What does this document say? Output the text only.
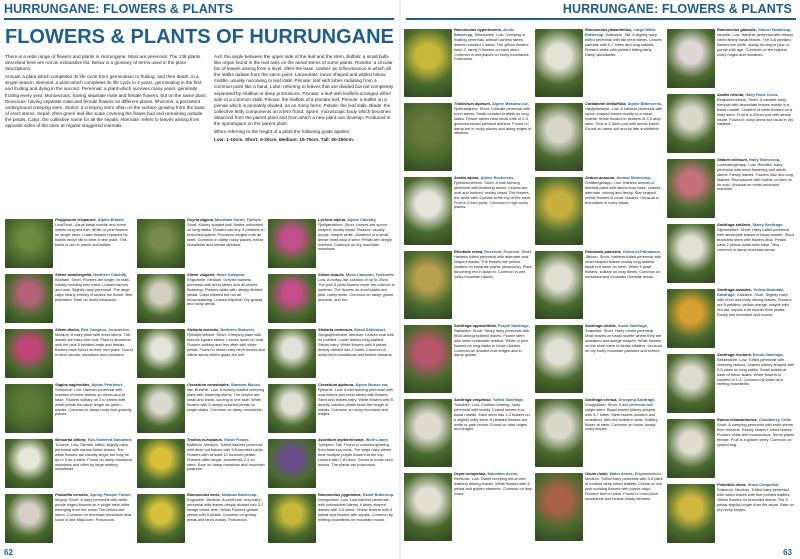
HURRUNGANE: FLOWERS & PLANTS	HURRUNGANE: FLOWERS & PLANTS
FLOWERS & PLANTS OF HURRUNGANE

There is a wide range of flowers and plants in Hurrungane. Most are perennial. The 138 plants described here are not an exhaustive list. Below is a glossary of terms used in the plant descriptions:

Annual: a plant which completes its life cycle from germination to fruiting, and then death, in a single season. Biennial: a plant which completes its life cycle in 2 years, germinating in the first and fruiting and dying in the second. Perennial: a plant which survives many years, generally fruiting every year. Monoecious: having separate male and female flowers, but on the same plant. Dioecious: having separate male and female flowers on different plants. Rhizome: a persistent underground creeping stem. Stolon: a creeping stem often on the surface growing from the base of erect stems. Sepal: often green leaf-like scale covering the flower bud and remaining outside the petals. Calyx: the collective name for all the sepals. Alternate: refers to leaves arising from opposite sides of the stem at regular staggered intervals.

Axil: the angle between the upper side of the leaf and the stem. Bulbils: a small bulb-like organ found in the leaf axils on the aerial stems of some plants. Rosette: a circular fan of leaves arising from a level, often the base. Umbel: an inflorescence in which all the stalks radiate from the same point. Lanceolate: lance shaped and widest below middle, usually narrowing to leaf stalk. Pinnate: leaf with lobes radiating from a common point like a hand. Lobe: referring to leaves that are divided but not completely separated by shallow or deep protrusions. Pinnate: a leaf with leaflets arranged either side of a common stalk. Pinnae: the leaflets of a pinnate leaf. Pinnule: a leaflet on a pinnae which is pinnately divided, as on many ferns. Petiole: the leaf stalk. Blade: the collective leafy components on a fern frond. Spore: microscopic body which becomes detached from the parent plant and from which a new plant can develop. Produced in the sporangium on the parent plant.

When referring to the height of a plant the following guide applies:

Low: 1-10cm. Short: 5-20cm. Medium: 15-75cm. Tall: 60-250cm.

Polygonum viviparum, Alpine Bistort. Low/Short. Usual basal rosette and some leaves long and thin. White or pink flowers on single stem. Lower flowers replaced by bulbils which fall to form a new plant. This bulbs is rich in starch and edible.
Silene wahlbergella, Northern Catchfly, Bindtark. Short. Flowers are single on stalk. Initially nodding then erect. Leaves narrow and oval. Slightly hairy perennial. The large calyx nearly entirely encloses the flower. Bee pollinated. Rare on moist meadows.
Silene dioica, Red Campion, Jonsokblom. Medium. A hairy plant with erect stems. The leaves are hairy and oval. Plant is dioecious with the pink 5 petalled male and female flowers each found on their own plant. Found in birch woods, meadows and moorland.
Sagina saginoides, Alpine Pearlwort, Seterarve. Low. Hairless perennial with rosettes of linear leaves up stems and at base. Flowers solitary on 2 to stems with white petals the same length as green sepals. Common in damp rocky and gravelly places.
Minuartia biflora, Two-flowered Sandwort, Tuvarve. Low. Slender tufted, slightly hairy perennial with narrow linear leaves. The white flowers are usually single but may be up to 3 on a stem. Found on damp moorland meadows and often by large melting snowfields.
Pulsatilla vernalis, Spring Pasque Flower, Mogop. Short. A hairy perennial with white-purple tinged flowers on a single stem after emerging from the snow. The leaves are lobed. Common on mountain meadows near snow in late May/June. Poisonous.
Oxyria digyna, Mountain Sorrel, Fjellsyre. Short. Kidney shaped leaf. Native unknotted on long stalks. Flowers are tiny, 4 petalled on branched spikes. Produces winged nuts as seed. Common in damp rocky places, below snowfields and beside streams.
Silene vulgaris, Moss Campion, Engsmelle. Medium. Greyish hairless perennial with erect stems and all shoots flowering. Flowers white with deeply divided petals. Calyx inflated but not all encompassing. Leaves elliptical. Dry grassy and rocky areas.
Stellaria borealis, Northern Starwort, Fjellstjerneblom. Short. Creeping plant with smooth square stems. Leaves lower on oval. Flowers solitary and few often with white petals. Found in moist rocky birch woods and willow scrub where grass are wet.
Cerastium cerastoides, Starwort Mouse-ear, Brearve. Low. A loosely matted creeping plant with flowering stems. The leaves are small and linear, curving to one side. White flowers with 5 deeply notched petals on single stalks. Common on damp moorlands.
Trollius europaeus, Globe Flower, Ballblom. Medium. Tufted hairless perennial with deep cut leaves with 3-5 serrated lobes. Flowers with at least 10 incurved petals. Flowers often single, sometimes 2-3 on stem. Rare on damp meadows and mountain pastures.
Ranunculus acris, Meadow Buttercup, Engsoleie. Medium. A perennial, very hairy perennial with leaves deeply divided into 3-7 wedge lobed. leaf, Yellow Flowers golden yellow with 5 petals. Common on grassy areas and birch woods. Poisonous.
Lychnis alpina, Alpine Catchfly, Fjelltjæreblom. Short. Leaves are spoon shaped, mostly basal. Flowers, usually purple, maybe white, clustered in a small dense head atop a stem. Petals are deeply notched. Common on dry mountain meadows.
Silene acaulis, Moss Campion, Fjellsmelle. Low. A mossy-like cushion of up to 25cm. The pink 5 petal flowers cover the cushion in summer. The flowers on short stalks are pink, rarely white. Common on damp gravel, moraine, and turf.
Stellaria nemorum, Wood Stitchwort, Skogstjerneblom. Medium. Leaves oval with no pointed. Lower leaves long-stalked. Stems hairy. White flowers with 5 petals deeply divided into 2 lobes. Common in moist birch woodlands and beside streams.
Cerastium alpinum, Alpine Mouse-ear, Fjellarve. Low. A mat forming perennial with oval leaves and erect stems with flowers. Stem and leaves hairy. White flowers with 5 deeply notched petals twice the length of sepals. Common on rocky moorland and ledges.
Aconitum septentrionale, Wolf's-bane, Tyrihjelm. Tall. Found in colonies growing from tuberous roots. The large hairy stems bear multiple purple flowers at the top. Leaves with 7-8 lobes. Grows in moist birch woods. The plants are poisonous.
Ranunculus pygmaeus, Dwarf Buttercup, Dvergsoleie. Low. Low hairless perennial with unbranched stems. Kidney shaped leaves with 3-5 lobes. Yellow flowers with 5 petals and flowers with sepals. Common by melting snowfields on mountain moors.
Ranunculus hyperboreus, Arctic Buttercup, Setersoleie. Low. Creeping or floating perennial, almost hairless stems, leaves rounded 3 lobed. The yellow flowers have 3, rarely 4 flowers on each stem. Common in wet places on rocky moorlands. Poisonous.
Thalictrum alpinum, Alpine Meadow-rue, Fjellfrøstjerne. Short. Delicate perennial with erect stems. Small rounded leaflets on long stalks. Flower stems bear small tufts of 2-3 greenish-brown pendant anthers. Found on damp turf in rocky places and along edges of streams.
Arabis alpina, Alpine Rockcress, Fjellskrinneblom. Short. A mat-forming perennial with flowering stems. Leaves are oval and toothed, mostly basal. The flowers are white with 4 petals at the top of the stem. Fruit in 2-6cm pods. Common in high rocky places.
Rhodiola rosea, Roseroot, Rosenrot. Short. Hairless tufted perennial with alternate oval shaped leaves. The flowers are yellow clusters on separate plants (dioecious). Plant becoming red in autumn. Common in wet, rocky mountain places.
Saxifraga oppositifolia, Purple Saxifrage, Rødsildre. Short. Sticky hairy perennial with thick oblong toothed leaves. Flower stem with lower underside reddish. White or pink flowers on long stalks in loose clusters. Common on shaded rock ledges and in damp gullies.
Saxifraga cespitosa, Tufted Saxifrage, Tuesildre. Low. Cushion forming, hairy perennial with mostly 3 lobed leaves in a basal rosette. Each stem has 1-3 flowers on a slightly leafy stem. 5 petalled flowers are white or pale cream. Found on drier ridges and ledges.
Dryas octopetala, Mountain Avens, Reinrose. Low. Dwarf creeping shrub with leathery oblong leaves. White flowers with 8 petals and golden stamens. Common on limy rocks.
Ranunculus platanifolius, Large White Buttercup, Kvitsoleie. Tall. A slightly hairy tufted perennial with tall erect stems. Leaves palmate with 5-7 lobes and long stalked. Flowers white with pointed falling early. Damp woodlands.
Cardamine bellidifolia, Alpine Bittercress, Høyfjellskarse. Low. A hairless perennial with spoon shaped leaves mostly in a basal rosette. White flowers in clusters of 2-5 atop stem. Fruit is 2-3mm pod with seeds inside. Found on damp soil and by late snowfields.
Sedum annuum, Annual Stonecrop, Småbergknapp. Low. Hairless annual or biennial plant with stems from base. Leaves alternate, oblong and fleshy. Star shaped yellow flowers in loose clusters. Unusual in mountains in rocky areas.
Parnassia palustris, Grass-of-Parnassus, Jåblom. Short. Hairless tufted perennial with heart shaped leaves mostly long stalked basal but some on stem. White 5 petal flowers, solitary on long stems. Common on meadows and mountain riverside areas.
Saxifraga nivalis, Snow Saxifrage, Snøsildre. Short. Hairy robust perennial. Most leaves on basal rosette where they are unstalked and wedge shaped. White flowers on the short stem in dense clusters. Unusual on dry rocky mountain pastures and screes.
Saxifraga cernua, Drooping Saxifrage, Knoppsildre. Short. Erect perennial with single stem. Basal leaves kidney shaped with 3-7 lobes. Stem leaves unlobed and unstalked, with red bulbils in axils. Solitary flower at stem. Common on moist, shady rocky slopes.
Geum rivale, Water Avens, Enghumleblom. Medium. Tufted hairy perennial with 3-8 pairs of toothed deep lobed leaflets. Cream or dull pink nodding flowers with purple calyx. Flowers form in pairs. Found in moist birch woodlands and beside shady streams.
Ranunculus glacialis, Glacier Buttercup, Issoleie. Low. Hairless perennial with deeply lobed fleshy basal leaves. The 5-8 petalled flowers are white, slowly turning to pink or purple with age. Common on the highest rocky ridges and moraines.
Arabis hirsuta, Hairy Rock Cress, Bergskrinneblom. Short. A variable hairy biennial with lanceolate leaves mostly in a basal rosette. Clusters of white flowers on a leafy stem. Fruit is a 20mm pod with seeds inside. Found in rocky areas but usual in dry habitats.
Sedum villosum, Hairy Stonecrop, Lodnebergknapp. Low. Reddish, hairy perennial with erect flowering and sterile stems. Fleshy leaves. Flowers lilac and long stalked. Reproduces with bulbils on stem to be sold. Unusual on moist mountain marshes.
Saxifraga stellaris, Starry Saxifrage, Stjernesildre. Short. Hairy tufted perennial with lanceolate leaves in basal rosette. Stout branched stem with flowers atop. Petals have 2 yellow spots near base. Very common in damp mountain areas.
Saxifraga aizoides, Yellow Mountain Saxifrage, Gulsildre. Short. Slightly hairy with erect and leafy oblong leaves. Flowers are 5 petalled, yellow-orange, maybe with red dot, sepals a bit shorter than petals. Rocky wet moorland and screes.
Saxifraga rivularis, Brook Saxifrage, Bekkesildre. Low. Tufted perennial with creeping stolons. Leaves kidney shaped with 3-5 lobes on long stalks. Small bulbils at base of these stalks. White flowers in clusters of 1-3. Common by water and melting snowfields.
Rubus chamaemorus, Cloudberry, Molte. Short. A creeping perennial with erect stems from rhizome. Kidney shaped, lobed leaves. Flowers white and monoecious. Some plants female. Fruit is a golden berry. Common on upland bog.
Potentilla nivea, Snow Cinquefoil, Snømure. Medium. Tufted hairy perennial with lobed leaves with fine pointed leaflets. Yellow flowers on branched stems. The 5 petals slightly longer than the sepal. Rare on dry rocky slopes.
62	63
